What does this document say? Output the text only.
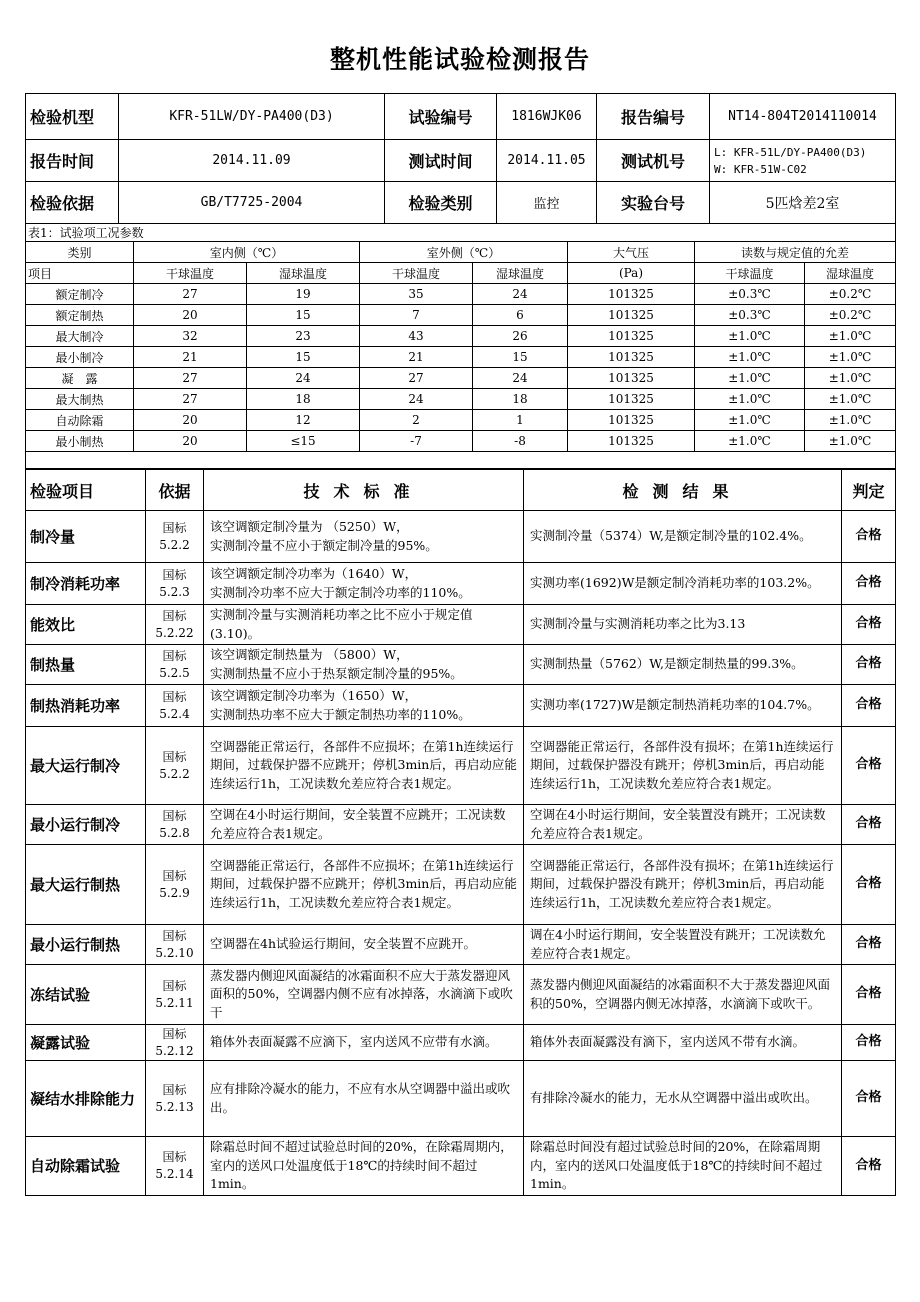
整机性能试验检测报告
检验机型	KFR-51LW/DY-PA400(D3)	试验编号	1816WJK06	报告编号	NT14-804T2014110014
报告时间	2014.11.09	测试时间	2014.11.05	测试机号	L: KFR-51L/DY-PA400(D3)
W: KFR-51W-C02

检验依据	GB/T7725-2004	检验类别	监控	实验台号	5匹焓差2室
表1：试验项工况参数							
类别	室内侧（℃）		室外侧（℃）		大气压	读数与规定值的允差	
项目	干球温度	湿球温度	干球温度	湿球温度	(Pa)	干球温度	湿球温度
额定制冷	27	19	35	24	101325	±0.3℃	±0.2℃
额定制热	20	15	7	6	101325	±0.3℃	±0.2℃
最大制冷	32	23	43	26	101325	±1.0℃	±1.0℃
最小制冷	21	15	21	15	101325	±1.0℃	±1.0℃
凝　露	27	24	27	24	101325	±1.0℃	±1.0℃
最大制热	27	18	24	18	101325	±1.0℃	±1.0℃
自动除霜	20	12	2	1	101325	±1.0℃	±1.0℃
最小制热	20	≤15	-7	-8	101325	±1.0℃	±1.0℃

检验项目	依据	技术标准	检测结果	判定
制冷量	国标 5.2.2	该空调额定制冷量为 （5250）W，
实测制冷量不应小于额定制冷量的95%。	实测制冷量（5374）W,是额定制冷量的102.4%。	合格
制冷消耗功率	国标 5.2.3	该空调额定制冷功率为（1640）W，
实测制冷功率不应大于额定制冷功率的110%。	实测功率(1692)W是额定制冷消耗功率的103.2%。	合格
能效比	国标 5.2.22	实测制冷量与实测消耗功率之比不应小于规定值(3.10)。	实测制冷量与实测消耗功率之比为3.13	合格
制热量	国标 5.2.5	该空调额定制热量为 （5800）W，
实测制热量不应小于热泵额定制冷量的95%。	实测制热量（5762）W,是额定制热量的99.3%。	合格
制热消耗功率	国标 5.2.4	该空调额定制冷功率为（1650）W，
实测制热功率不应大于额定制热功率的110%。	实测功率(1727)W是额定制热消耗功率的104.7%。	合格
最大运行制冷	国标 5.2.2	空调器能正常运行，各部件不应损坏；在第1h连续运行期间，过载保护器不应跳开；停机3min后，再启动应能连续运行1h，工况读数允差应符合表1规定。	空调器能正常运行，各部件没有损坏；在第1h连续运行期间，过载保护器没有跳开；停机3min后，再启动能连续运行1h，工况读数允差应符合表1规定。	合格
最小运行制冷	国标 5.2.8	空调在4小时运行期间，安全装置不应跳开；工况读数允差应符合表1规定。	空调在4小时运行期间，安全装置没有跳开；工况读数允差应符合表1规定。	合格
最大运行制热	国标 5.2.9	空调器能正常运行，各部件不应损坏；在第1h连续运行期间，过载保护器不应跳开；停机3min后，再启动应能连续运行1h，工况读数允差应符合表1规定。	空调器能正常运行，各部件没有损坏；在第1h连续运行期间，过载保护器没有跳开；停机3min后，再启动能连续运行1h，工况读数允差应符合表1规定。	合格
最小运行制热	国标 5.2.10	空调器在4h试验运行期间，安全装置不应跳开。	调在4小时运行期间，安全装置没有跳开；工况读数允差应符合表1规定。	合格
冻结试验	国标 5.2.11	蒸发器内侧迎风面凝结的冰霜面积不应大于蒸发器迎风面积的50%，空调器内侧不应有冰掉落，水滴滴下或吹干	蒸发器内侧迎风面凝结的冰霜面积不大于蒸发器迎风面积的50%，空调器内侧无冰掉落，水滴滴下或吹干。	合格
凝露试验	国标 5.2.12	箱体外表面凝露不应滴下，室内送风不应带有水滴。	箱体外表面凝露没有滴下，室内送风不带有水滴。	合格
凝结水排除能力	国标 5.2.13	应有排除冷凝水的能力，不应有水从空调器中溢出或吹出。	有排除冷凝水的能力，无水从空调器中溢出或吹出。	合格
自动除霜试验	国标 5.2.14	除霜总时间不超过试验总时间的20%，在除霜周期内，室内的送风口处温度低于18℃的持续时间不超过1min。	除霜总时间没有超过试验总时间的20%，在除霜周期内，室内的送风口处温度低于18℃的持续时间不超过1min。	合格
